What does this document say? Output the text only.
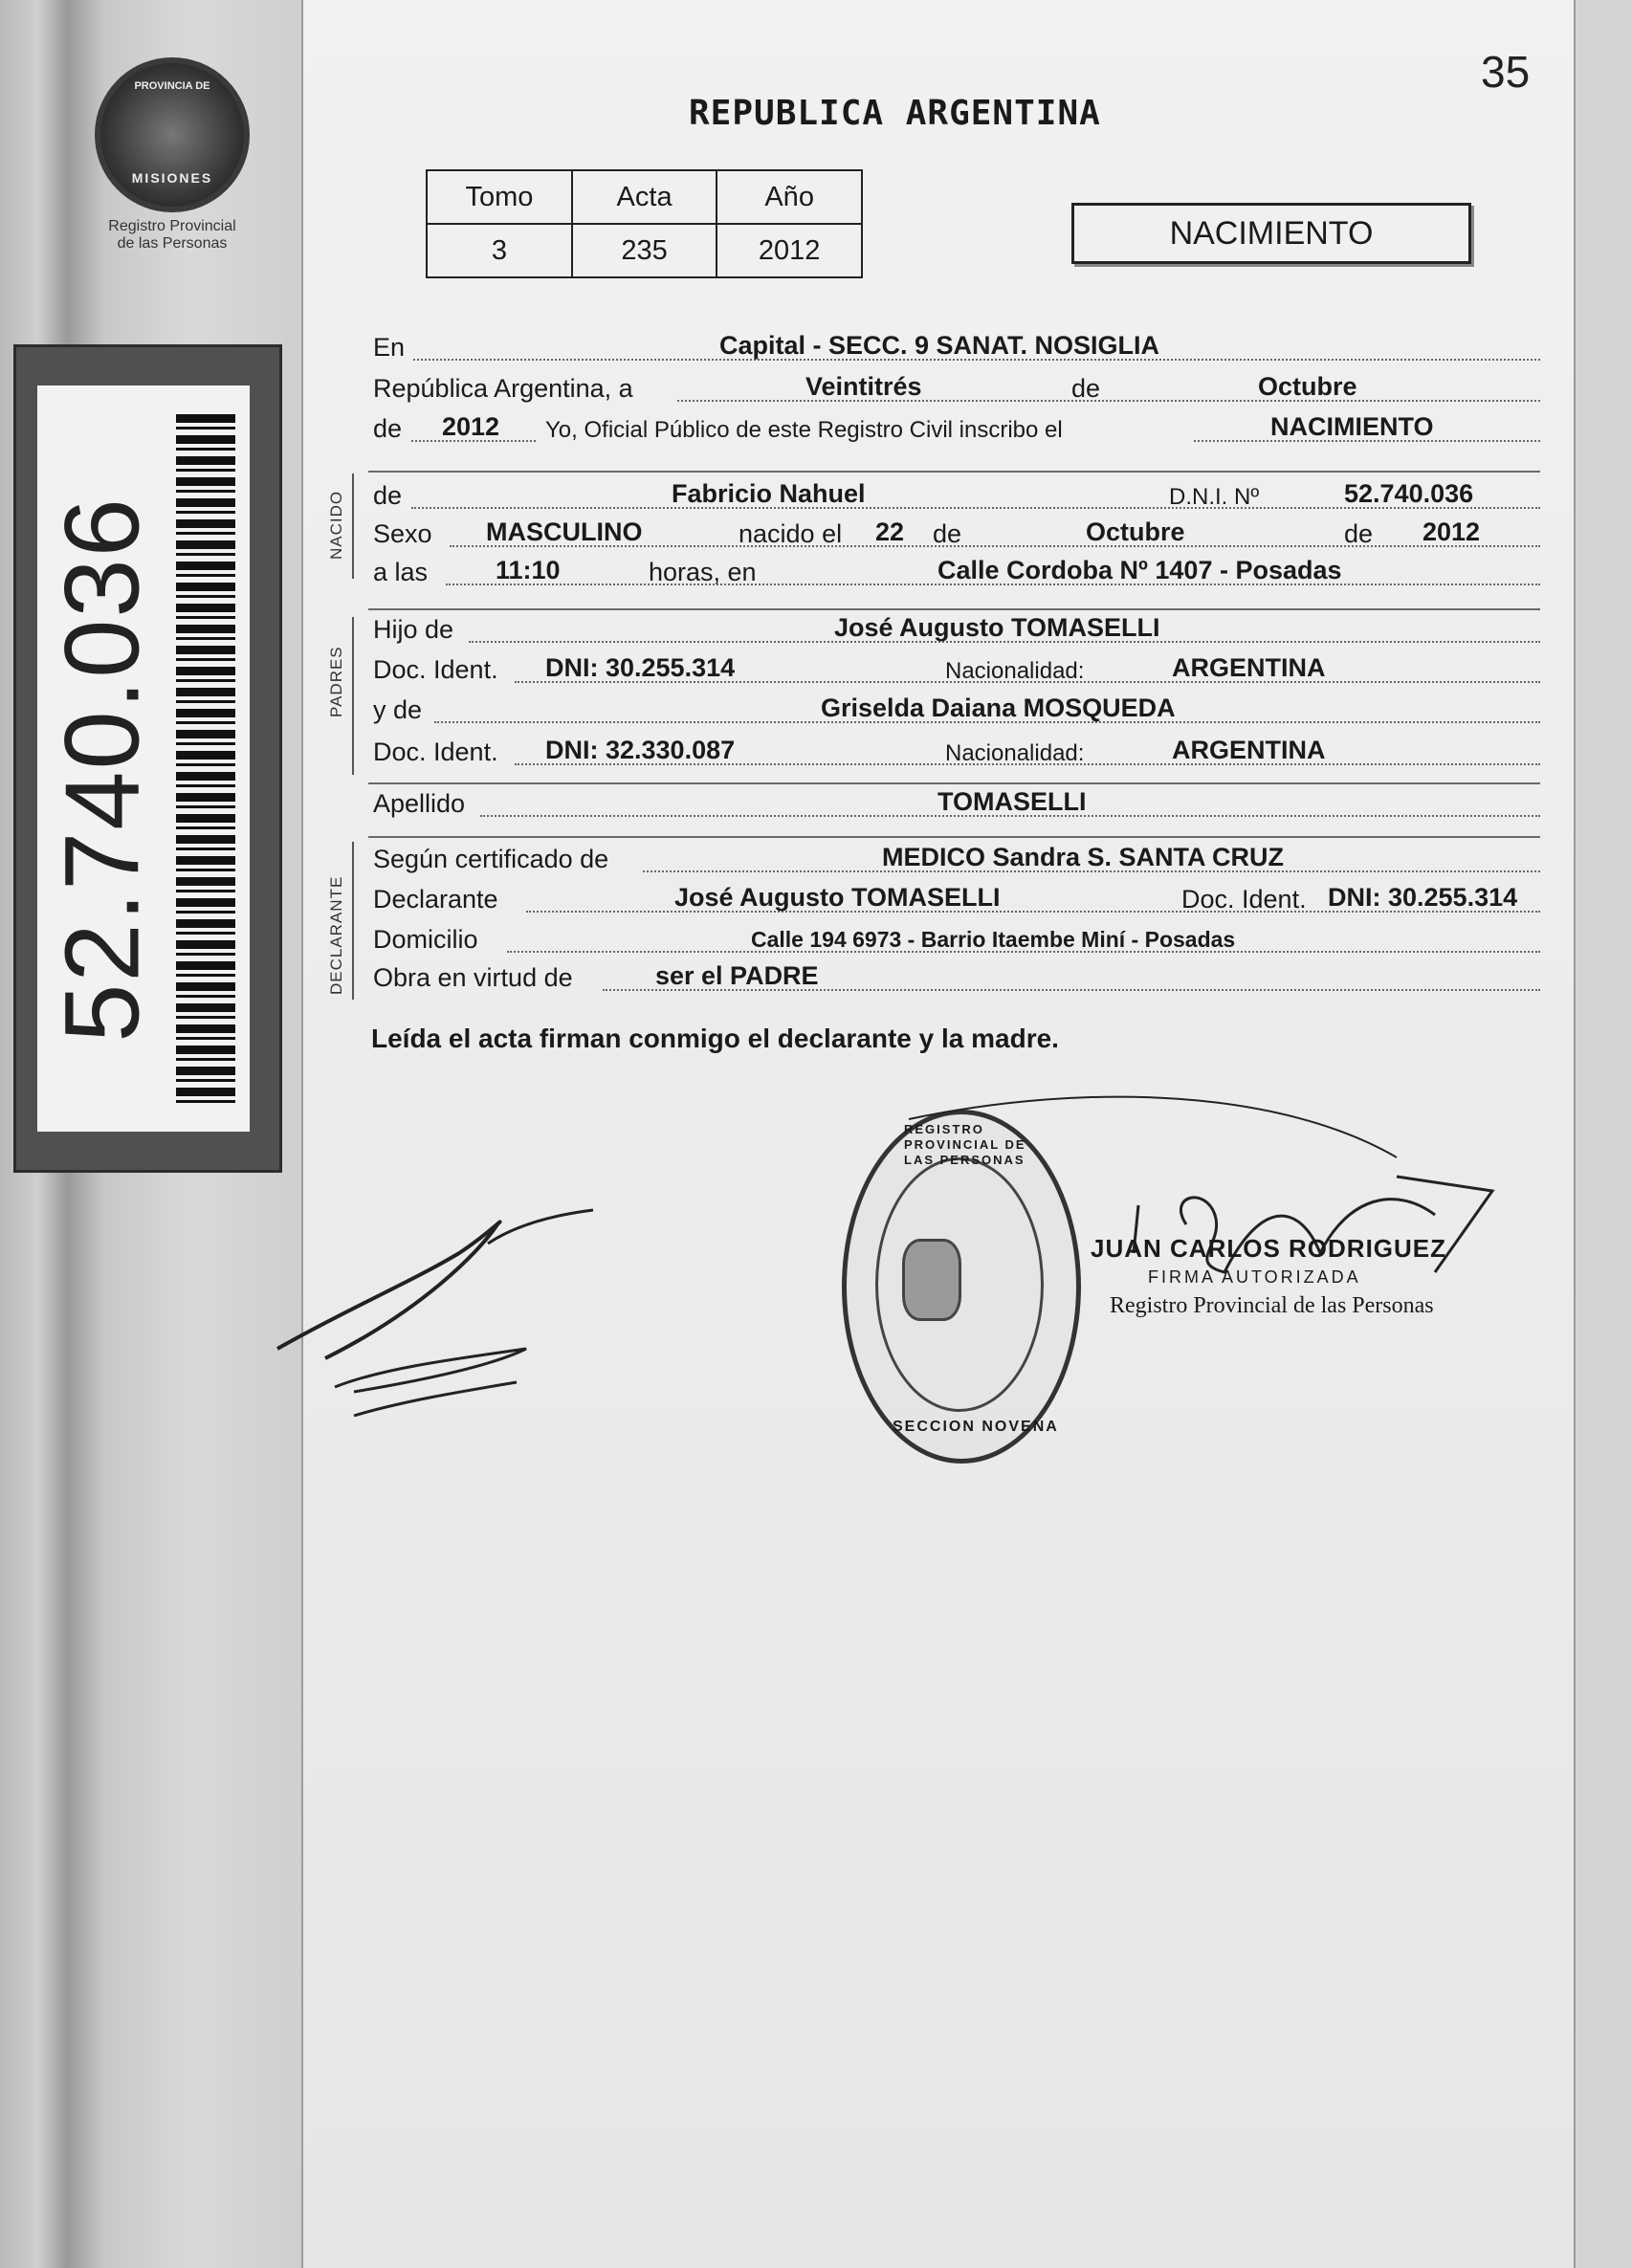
PROVINCIA DE
MISIONES
Registro Provincial
de las Personas
52.740.036
35
REPUBLICA ARGENTINA
Tomo	Acta	Año
3	235	2012	NACIMIENTO
NACIDO
PADRES
DECLARANTE
En	Capital - SECC. 9 SANAT. NOSIGLIA
República Argentina, a	Veintitrés	de	Octubre
de 2012 Yo, Oficial Público de este Registro Civil inscribo el	NACIMIENTO
de	Fabricio Nahuel	D.N.I. Nº	52.740.036
Sexo MASCULINO	nacido el 22 de	Octubre	de 2012
a las	11:10	horas, en	Calle Cordoba Nº 1407 - Posadas
Hijo de	José Augusto TOMASELLI
Doc. Ident. DNI: 30.255.314	Nacionalidad:	ARGENTINA
y de	Griselda Daiana MOSQUEDA
Doc. Ident. DNI: 32.330.087	Nacionalidad:	ARGENTINA
Apellido	TOMASELLI
Según certificado de	MEDICO Sandra S. SANTA CRUZ
Declarante	José Augusto TOMASELLI	Doc. Ident. DNI: 30.255.314
Domicilio	Calle 194 6973 - Barrio Itaembe Miní - Posadas
Obra en virtud de	ser el PADRE
Leída el acta firman conmigo el declarante y la madre.
REGISTRO PROVINCIAL DE LAS PERSONAS
SECCION NOVENA
JUAN CARLOS RODRIGUEZ
FIRMA AUTORIZADA
Registro Provincial de las Personas
